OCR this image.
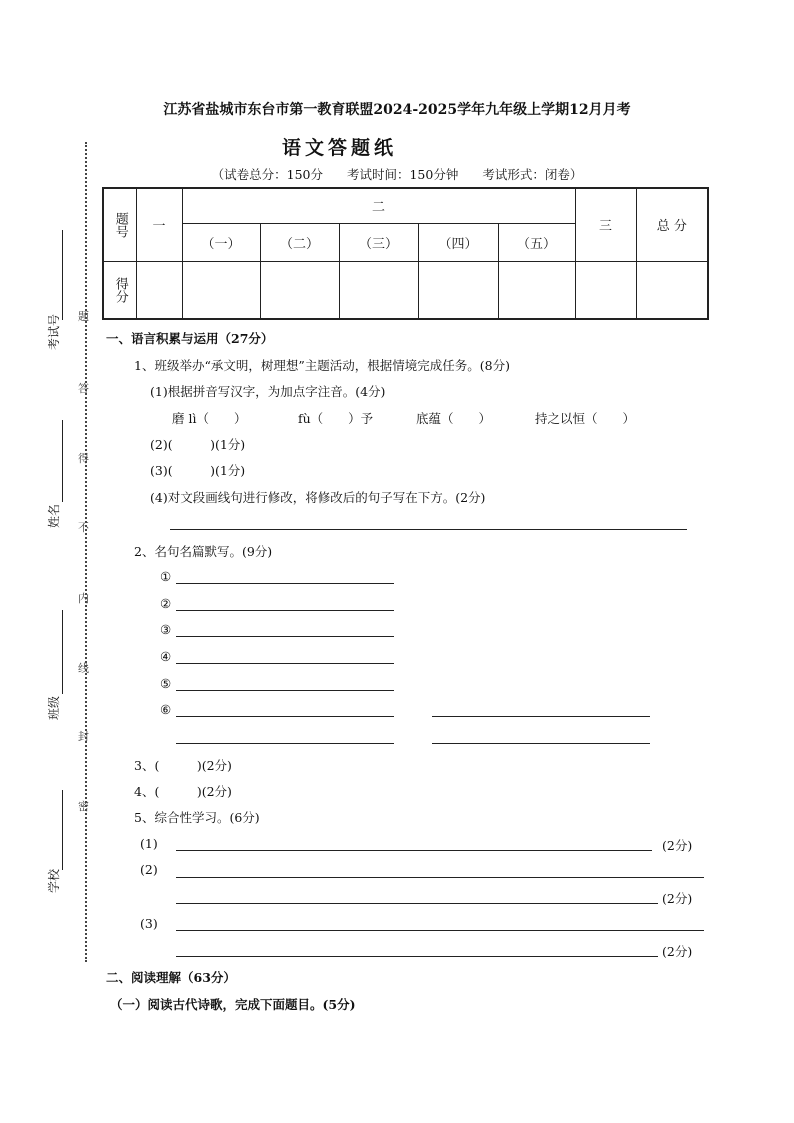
江苏省盐城市东台市第一教育联盟2024-2025学年九年级上学期12月月考
语文答题纸
（试卷总分：150分 考试时间：150分钟 考试形式：闭卷）
题号	一	二					三	总 分
		（一）	（二）	（三）	（四）	（五）		
得分								
题
答
得
不
内
线
封
密
考试号
姓名
班级
学校
一、语言积累与运用（27分）
1、班级举办“承文明，树理想”主题活动，根据情境完成任务。(8分)
(1)根据拼音写汉字，为加点字注音。(4分)
磨 lì（　　）	fù（　　）予	底蕴（　　）	持之以恒（　　）
(2)(　　　)(1分)
(3)(　　　)(1分)
(4)对文段画线句进行修改，将修改后的句子写在下方。(2分)
2、名句名篇默写。(9分)
①
②
③
④
⑤
⑥
3、(　　　)(2分)
4、(　　　)(2分)
5、综合性学习。(6分)
(1)	(2分)
(2)
(2分)
(3)
(2分)
二、阅读理解（63分）
（一）阅读古代诗歌，完成下面题目。(5分)
